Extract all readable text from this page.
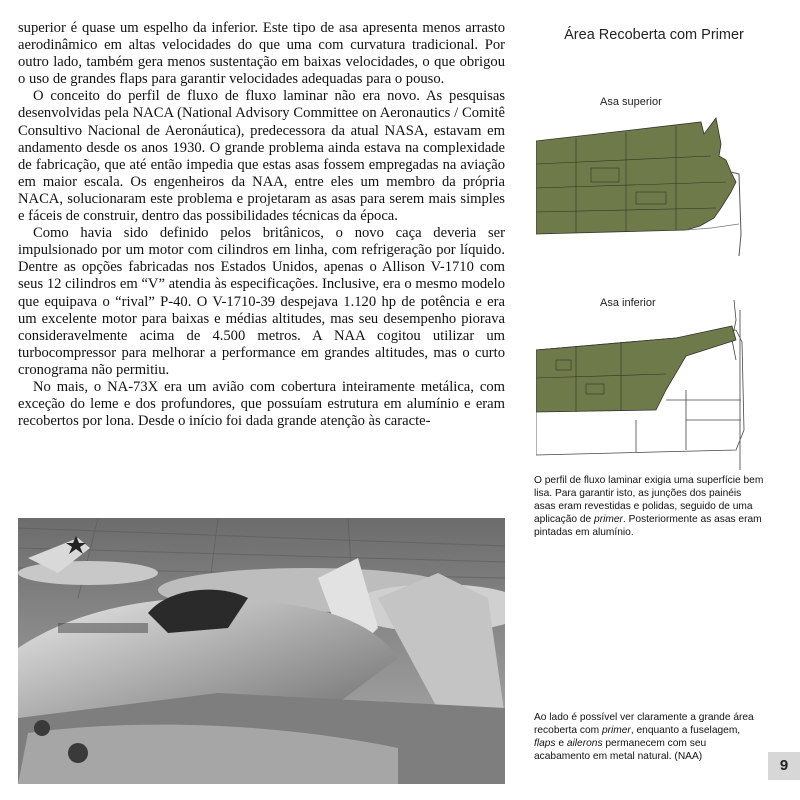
superior é quase um espelho da inferior. Este tipo de asa apresenta menos arrasto aerodinâmico em altas velocidades do que uma com curvatura tradicional. Por outro lado, também gera menos sustentação em baixas velocidades, o que obrigou o uso de grandes flaps para garantir velocidades adequadas para o pouso.

O conceito do perfil de fluxo de fluxo laminar não era novo. As pesquisas desenvolvidas pela NACA (National Advisory Committee on Aeronautics / Comitê Consultivo Nacional de Aeronáutica), predecessora da atual NASA, estavam em andamento desde os anos 1930. O grande problema ainda estava na complexidade de fabricação, que até então impedia que estas asas fossem empregadas na aviação em maior escala. Os engenheiros da NAA, entre eles um membro da própria NACA, solucionaram este problema e projetaram as asas para serem mais simples e fáceis de construir, dentro das possibilidades técnicas da época.

Como havia sido definido pelos britânicos, o novo caça deveria ser impulsionado por um motor com cilindros em linha, com refrigeração por líquido. Dentre as opções fabricadas nos Estados Unidos, apenas o Allison V-1710 com seus 12 cilindros em “V” atendia às especificações. Inclusive, era o mesmo modelo que equipava o “rival” P-40. O V-1710-39 despejava 1.120 hp de potência e era um excelente motor para baixas e médias altitudes, mas seu desempenho piorava consideravelmente acima de 4.500 metros. A NAA cogitou utilizar um turbocompressor para melhorar a performance em grandes altitudes, mas o curto cronograma não permitiu.

No mais, o NA-73X era um avião com cobertura inteiramente metálica, com exceção do leme e dos profundores, que possuíam estrutura em alumínio e eram recobertos por lona. Desde o início foi dada grande atenção às caracte-

Área Recoberta com Primer
Asa superior
Asa inferior

O perfil de fluxo laminar exigia uma superfície bem lisa. Para garantir isto, as junções dos painéis asas eram revestidas e polidas, seguido de uma aplicação de primer. Posteriormente as asas eram pintadas em alumínio.

Ao lado é possível ver claramente a grande área recoberta com primer, enquanto a fuselagem, flaps e ailerons permanecem com seu acabamento em metal natural. (NAA)

9
